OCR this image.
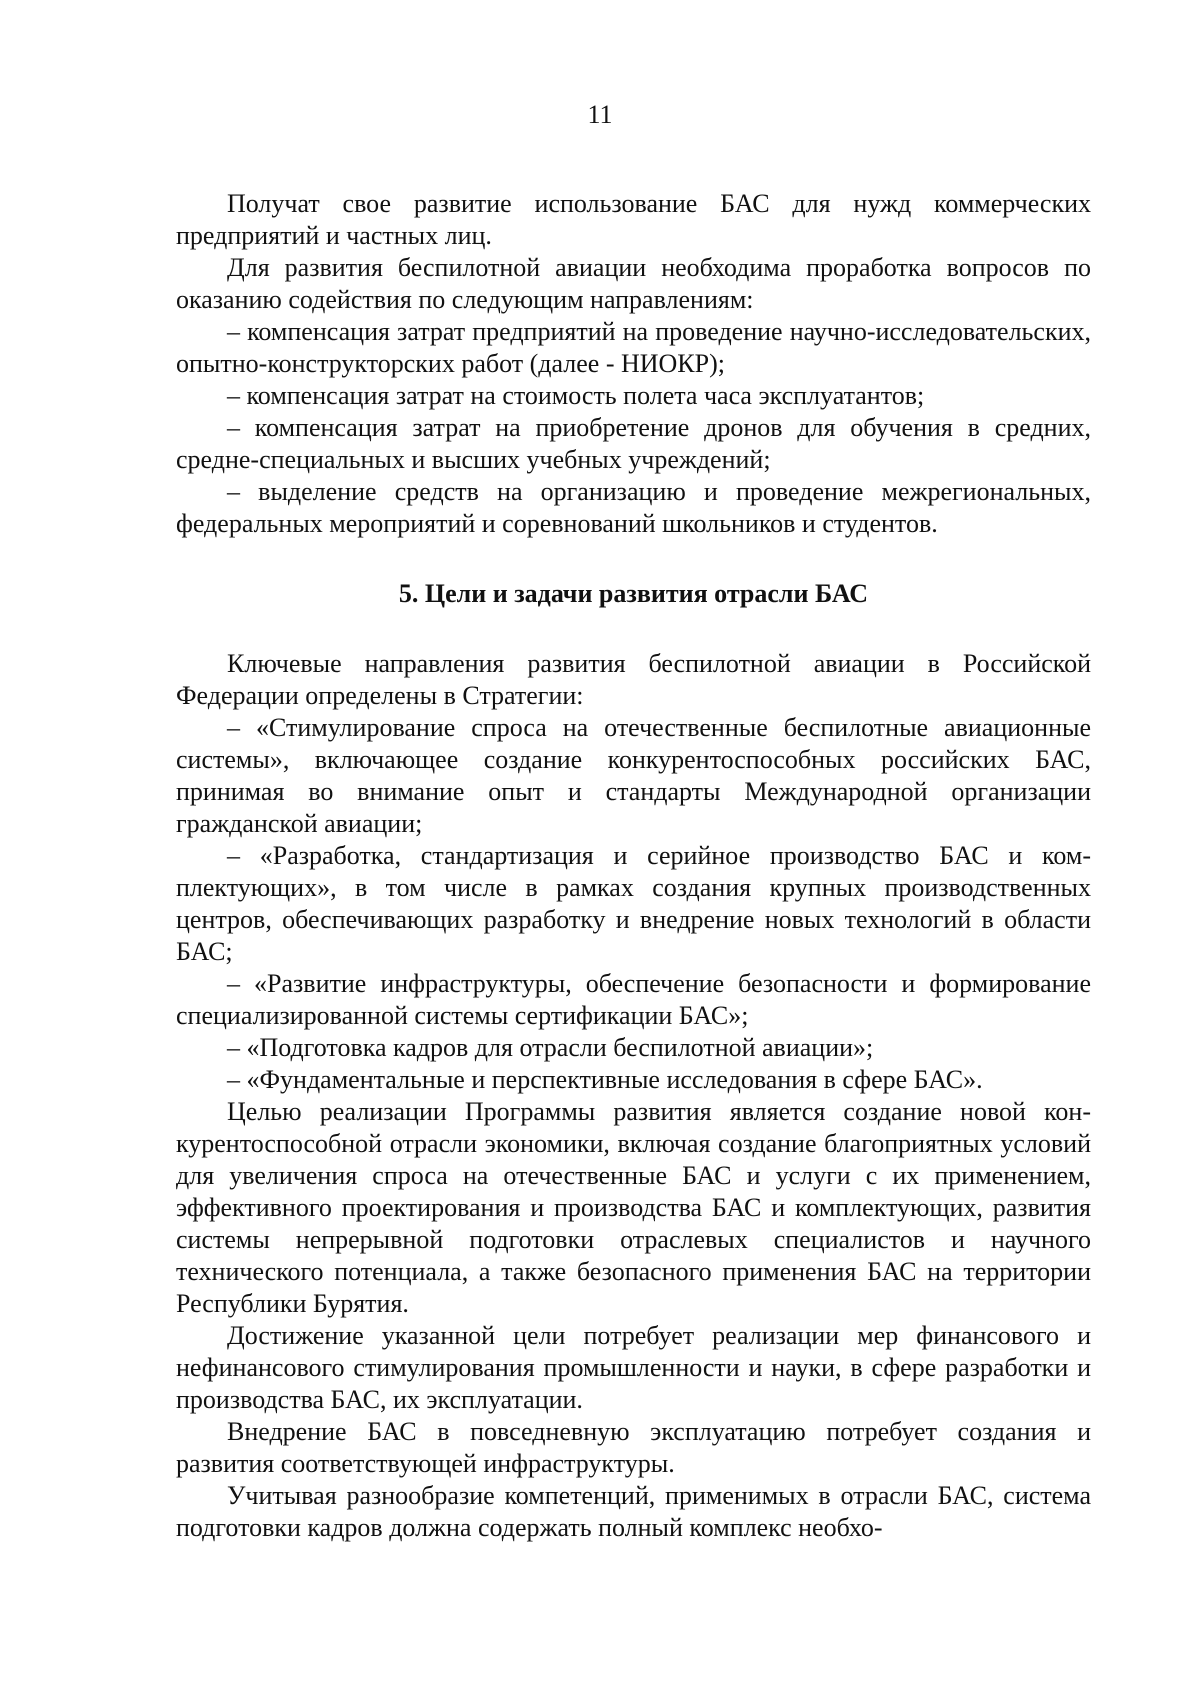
11

Получат свое развитие использование БАС для нужд коммерческих предприятий и частных лиц.

Для развития беспилотной авиации необходима проработка вопросов по оказанию содействия по следующим направлениям:

– компенсация затрат предприятий на проведение научно-исследовательских, опытно-конструкторских работ (далее - НИОКР);

– компенсация затрат на стоимость полета часа эксплуатантов;

– компенсация затрат на приобретение дронов для обучения в средних, средне-специальных и высших учебных учреждений;

– выделение средств на организацию и проведение межрегиональных, федеральных мероприятий и соревнований школьников и студентов.

5. Цели и задачи развития отрасли БАС

Ключевые направления развития беспилотной авиации в Российской Федерации определены в Стратегии:

– «Стимулирование спроса на отечественные беспилотные авиационные системы», включающее создание конкурентоспособных российских БАС, принимая во внимание опыт и стандарты Международной организации гражданской авиации;

– «Разработка, стандартизация и серийное производство БАС и комплектующих», в том числе в рамках создания крупных производственных центров, обеспечивающих разработку и внедрение новых технологий в области БАС;

– «Развитие инфраструктуры, обеспечение безопасности и формирование специализированной системы сертификации БАС»;

– «Подготовка кадров для отрасли беспилотной авиации»;

– «Фундаментальные и перспективные исследования в сфере БАС».

Целью реализации Программы развития является создание новой конкурентоспособной отрасли экономики, включая создание благоприятных условий для увеличения спроса на отечественные БАС и услуги с их применением, эффективного проектирования и производства БАС и комплектующих, развития системы непрерывной подготовки отраслевых специалистов и научного технического потенциала, а также безопасного применения БАС на территории Республики Бурятия.

Достижение указанной цели потребует реализации мер финансового и нефинансового стимулирования промышленности и науки, в сфере разработки и производства БАС, их эксплуатации.

Внедрение БАС в повседневную эксплуатацию потребует создания и развития соответствующей инфраструктуры.

Учитывая разнообразие компетенций, применимых в отрасли БАС, система подготовки кадров должна содержать полный комплекс необхо-
